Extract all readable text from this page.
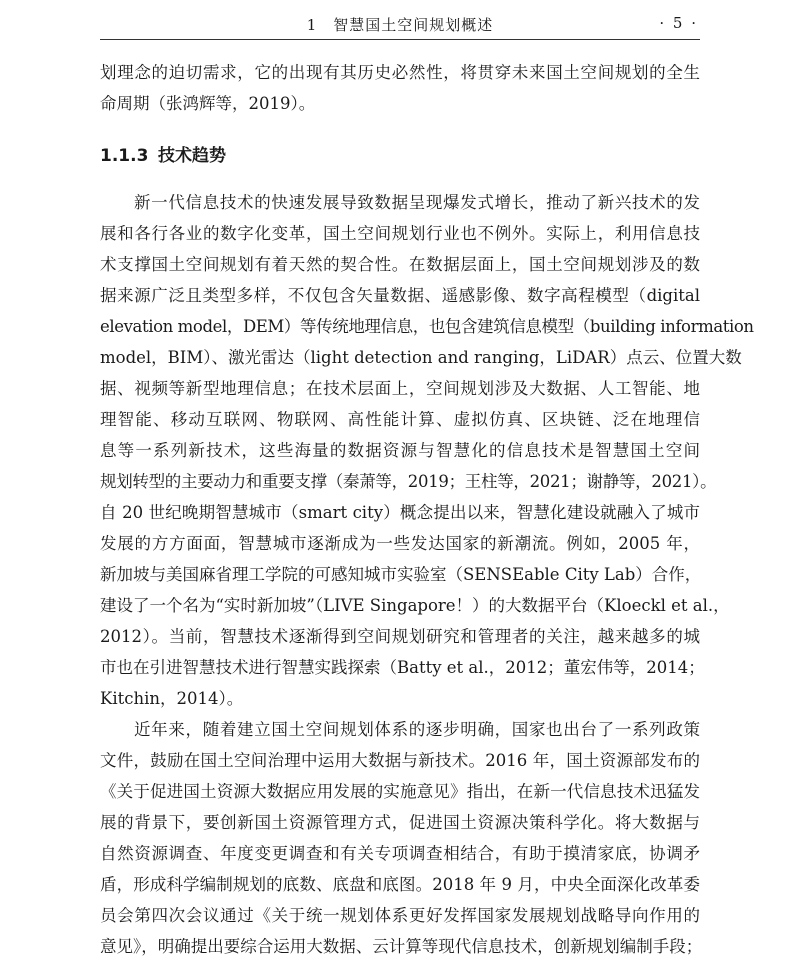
1　智慧国土空间规划概述	· 5 ·
划理念的迫切需求，它的出现有其历史必然性，将贯穿未来国土空间规划的全生
命周期（张鸿辉等，2019）。
1.1.3 技术趋势
新一代信息技术的快速发展导致数据呈现爆发式增长，推动了新兴技术的发
展和各行各业的数字化变革，国土空间规划行业也不例外。实际上，利用信息技
术支撑国土空间规划有着天然的契合性。在数据层面上，国土空间规划涉及的数
据来源广泛且类型多样，不仅包含矢量数据、遥感影像、数字高程模型（digital
elevation model，DEM）等传统地理信息，也包含建筑信息模型（building information
model，BIM）、激光雷达（light detection and ranging，LiDAR）点云、位置大数
据、视频等新型地理信息；在技术层面上，空间规划涉及大数据、人工智能、地
理智能、移动互联网、物联网、高性能计算、虚拟仿真、区块链、泛在地理信
息等一系列新技术，这些海量的数据资源与智慧化的信息技术是智慧国土空间
规划转型的主要动力和重要支撑（秦萧等，2019；王柱等，2021；谢静等，2021）。
自 20 世纪晚期智慧城市（smart city）概念提出以来，智慧化建设就融入了城市
发展的方方面面，智慧城市逐渐成为一些发达国家的新潮流。例如，2005 年，
新加坡与美国麻省理工学院的可感知城市实验室（SENSEable City Lab）合作，
建设了一个名为“实时新加坡”（LIVE Singapore！）的大数据平台（Kloeckl et al.，
2012）。当前，智慧技术逐渐得到空间规划研究和管理者的关注，越来越多的城
市也在引进智慧技术进行智慧实践探索（Batty et al.，2012；董宏伟等，2014；
Kitchin，2014）。
近年来，随着建立国土空间规划体系的逐步明确，国家也出台了一系列政策
文件，鼓励在国土空间治理中运用大数据与新技术。2016 年，国土资源部发布的
《关于促进国土资源大数据应用发展的实施意见》指出，在新一代信息技术迅猛发
展的背景下，要创新国土资源管理方式，促进国土资源决策科学化。将大数据与
自然资源调查、年度变更调查和有关专项调查相结合，有助于摸清家底，协调矛
盾，形成科学编制规划的底数、底盘和底图。2018 年 9 月，中央全面深化改革委
员会第四次会议通过《关于统一规划体系更好发挥国家发展规划战略导向作用的
意见》，明确提出要综合运用大数据、云计算等现代信息技术，创新规划编制手段；
